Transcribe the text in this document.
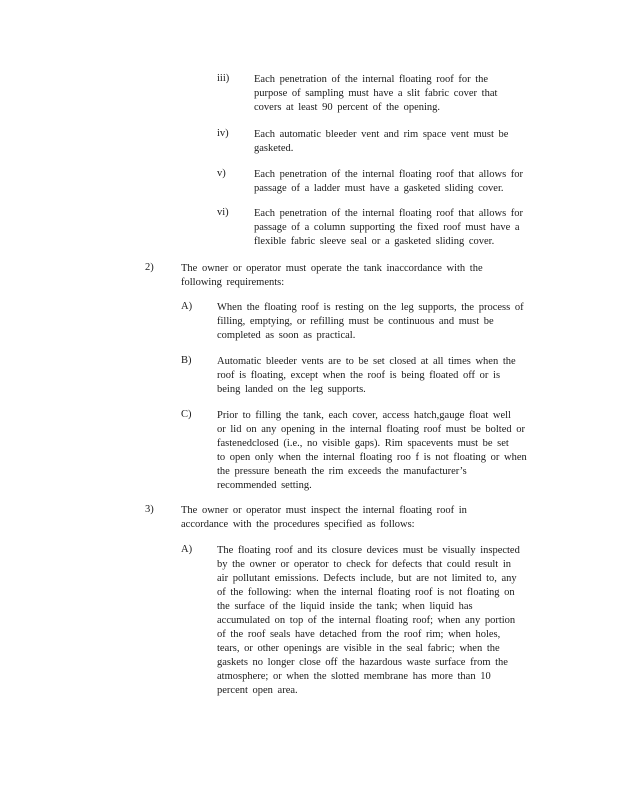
iii) Each penetration of the internal floating roof for the
purpose of sampling must have a slit fabric cover that
covers at least 90 percent of the opening.
iv) Each automatic bleeder vent and rim space vent must be
gasketed.
v)	Each penetration of the internal floating roof that allows for
passage of a ladder must have a gasketed sliding cover.
vi) Each penetration of the internal floating roof that allows for
passage of a column supporting the fixed roof must have a
flexible fabric sleeve seal or a gasketed sliding cover.
2)	The owner or operator must operate the tank inaccordance with the
following requirements:
A) When the floating roof is resting on the leg supports, the process of
filling, emptying, or refilling must be continuous and must be
completed as soon as practical.
B) Automatic bleeder vents are to be set closed at all times when the
roof is floating, except when the roof is being floated off or is
being landed on the leg supports.
C) Prior to filling the tank, each cover, access hatch,gauge float well
or lid on any opening in the internal floating roof must be bolted or
fastenedclosed (i.e., no visible gaps). Rim spacevents must be set
to open only when the internal floating roo f is not floating or when
the pressure beneath the rim exceeds the manufacturer’s
recommended setting.
3)	The owner or operator must inspect the internal floating roof in
accordance with the procedures specified as follows:
A) The floating roof and its closure devices must be visually inspected
by the owner or operator to check for defects that could result in
air pollutant emissions. Defects include, but are not limited to, any
of the following: when the internal floating roof is not floating on
the surface of the liquid inside the tank; when liquid has
accumulated on top of the internal floating roof; when any portion
of the roof seals have detached from the roof rim; when holes,
tears, or other openings are visible in the seal fabric; when the
gaskets no longer close off the hazardous waste surface from the
atmosphere; or when the slotted membrane has more than 10
percent open area.
